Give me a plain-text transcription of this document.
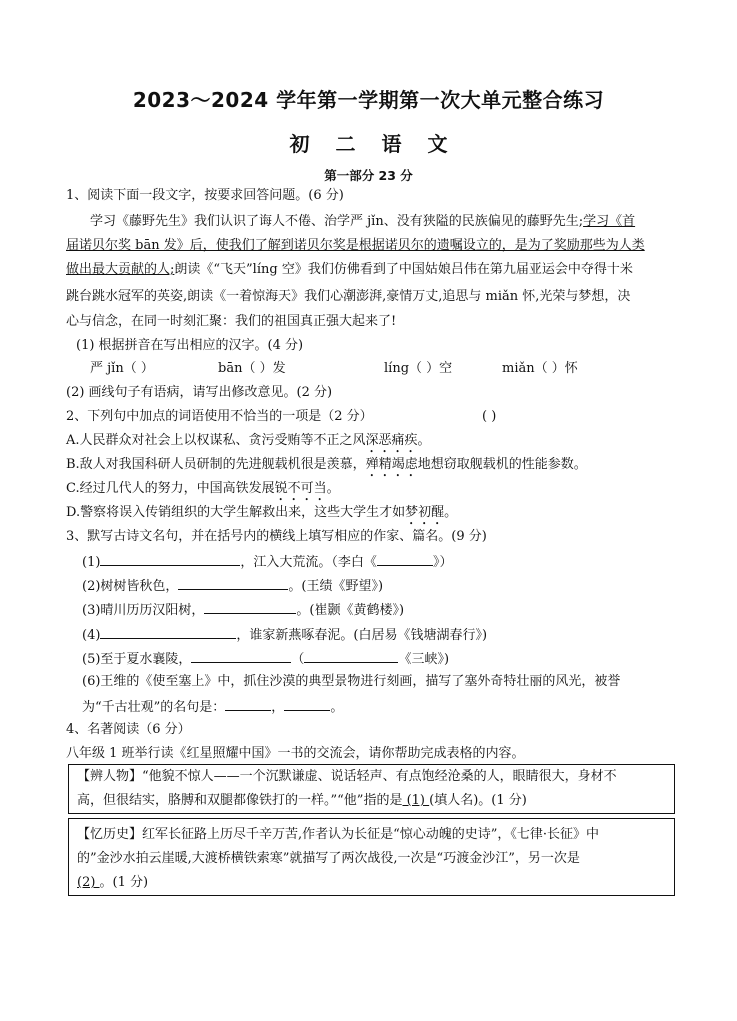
2023～2024 学年第一学期第一次大单元整合练习
初二语文
第一部分 23 分
1、阅读下面一段文字，按要求回答问题。(6 分)
学习《藤野先生》我们认识了诲人不倦、治学严 jǐn、没有狭隘的民族偏见的藤野先生;学习《首
届诺贝尔奖 bān 发》后，使我们了解到诺贝尔奖是根据诺贝尔的遗嘱设立的，是为了奖励那些为人类
做出最大贡献的人;朗读《“飞天”líng 空》我们仿佛看到了中国姑娘吕伟在第九届亚运会中夺得十米
跳台跳水冠军的英姿,朗读《一着惊海天》我们心潮澎湃,豪情万丈,追思与 miǎn 怀,光荣与梦想，决
心与信念，在同一时刻汇聚：我们的祖国真正强大起来了!
(1) 根据拼音在写出相应的汉字。(4 分)
严 jǐn（ ）	bān（ ）发	líng（ ）空	miǎn（ ）怀
(2) 画线句子有语病，请写出修改意见。(2 分)
2、下列句中加点的词语使用不恰当的一项是（2 分）	( )
A.人民群众对社会上以权谋私、贪污受贿等不正之风深恶痛疾。
B.敌人对我国科研人员研制的先进舰载机很是羡慕，殚精竭虑地想窃取舰载机的性能参数。
C.经过几代人的努力，中国高铁发展锐不可当。
D.警察将误入传销组织的大学生解救出来，这些大学生才如梦初醒。
3、默写古诗文名句，并在括号内的横线上填写相应的作家、篇名。(9 分)
(1)	，江入大荒流。（李白《	》）
(2)树树皆秋色，	。(王绩《野望》)
(3)晴川历历汉阳树，	。(崔颢《黄鹤楼》)
(4)	，谁家新燕啄春泥。(白居易《钱塘湖春行》)
(5)至于夏水襄陵，	（	《三峡》)
(6)王维的《使至塞上》中，抓住沙漠的典型景物进行刻画，描写了塞外奇特壮丽的风光，被誉
为“千古壮观”的名句是：	，	。
4、名著阅读（6 分）
八年级 1 班举行读《红星照耀中国》一书的交流会，请你帮助完成表格的内容。
【辨人物】“他貌不惊人——一个沉默谦虚、说话轻声、有点饱经沧桑的人，眼睛很大，身材不
高，但很结实，胳膊和双腿都像铁打的一样。”“他”指的是 (1) (填人名)。(1 分)
【忆历史】红军长征路上历尽千辛万苦,作者认为长征是“惊心动魄的史诗”，《七律·长征》中
的”金沙水拍云崖暖,大渡桥横铁索寒”就描写了两次战役,一次是“巧渡金沙江”，另一次是
(2) 。(1 分)
